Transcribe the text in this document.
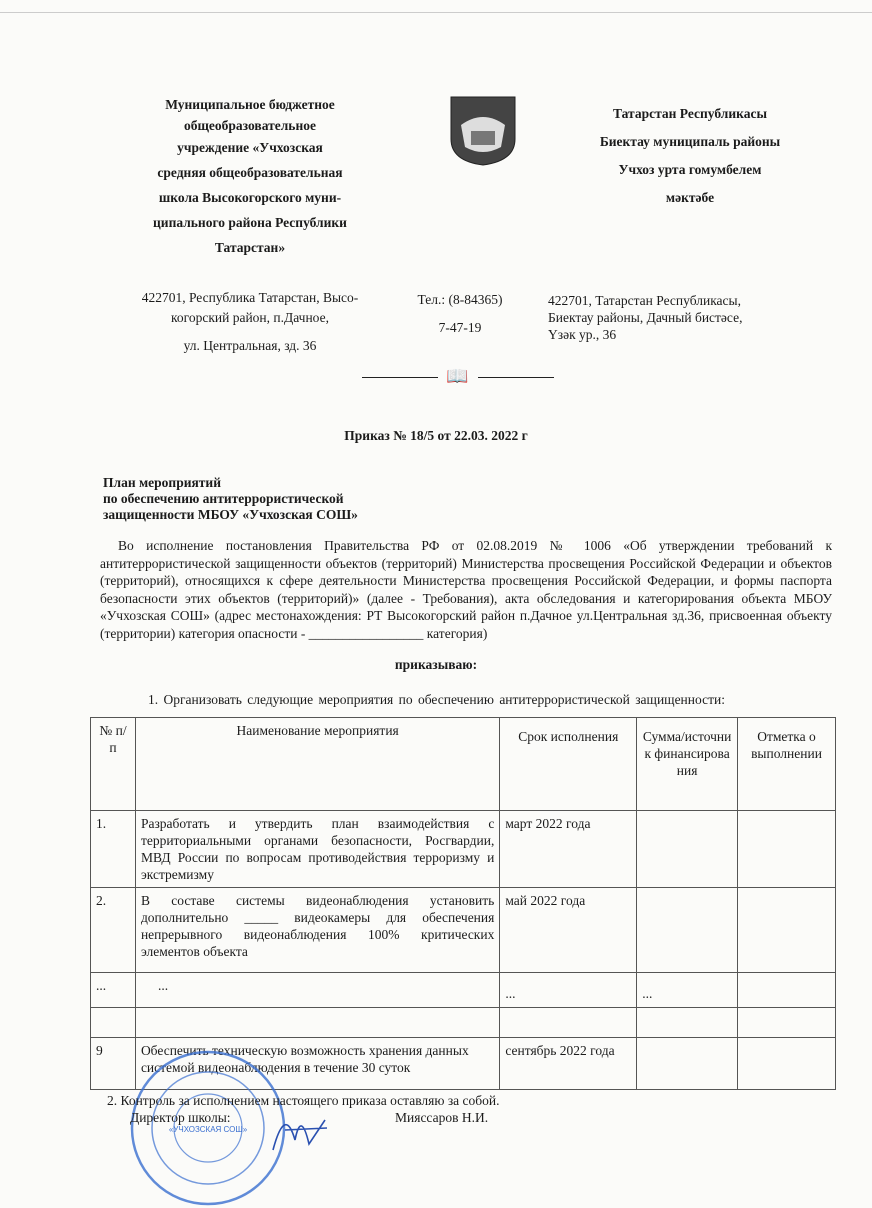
Муниципальное бюджетное
общеобразовательное
учреждение «Учхозская
средняя общеобразовательная
школа Высокогорского муни-
ципального района Республики
Татарстан»
422701, Республика Татарстан, Высо-
когорский район, п.Дачное,
ул. Центральная, зд. 36
Тел.: (8-84365)
7-47-19
Татарстан Республикасы
Биектау муниципаль районы
Учхоз урта гомумбелем
мәктәбе
422701, Татарстан Республикасы,
Биектау районы, Дачный бистәсе,
Үзәк ур., 36
📖
Приказ № 18/5 от 22.03. 2022 г
План мероприятий
по обеспечению антитеррористической
защищенности МБОУ «Учхозская СОШ»

Во исполнение постановления Правительства РФ от 02.08.2019 № 1006 «Об утверждении требований к антитеррористической защищенности объектов (территорий) Министерства просвещения Российской Федерации и объектов (территорий), относящихся к сфере деятельности Министерства просвещения Российской Федерации, и формы паспорта безопасности этих объектов (территорий)» (далее - Требования), акта обследования и категорирования объекта МБОУ «Учхозская СОШ» (адрес местонахождения: РТ Высокогорский район п.Дачное ул.Центральная зд.36, присвоенная объекту (территории) категория опасности - _________________ категория)

приказываю:
1. Организовать следующие мероприятия по обеспечению антитеррористической защищенности:
№ п/п	Наименование мероприятия	Срок исполнения	Сумма/источник финансирования	Отметка о выполнении
1.	Разработать и утвердить план взаимодействия с территориальными органами безопасности, Росгвардии, МВД России по вопросам противодействия терроризму и экстремизму	март 2022 года		
2.	В составе системы видеонаблюдения установить дополнительно _____ видеокамеры для обеспечения непрерывного видеонаблюдения 100% критических элементов объекта	май 2022 года		
...	...	...	...	

9	Обеспечить техническую возможность хранения данных системой видеонаблюдения в течение 30 суток	сентябрь 2022 года		
«УЧХОЗСКАЯ СОШ»
2. Контроль за исполнением настоящего приказа оставляю за собой.
Директор школы:	Мияссаров Н.И.
